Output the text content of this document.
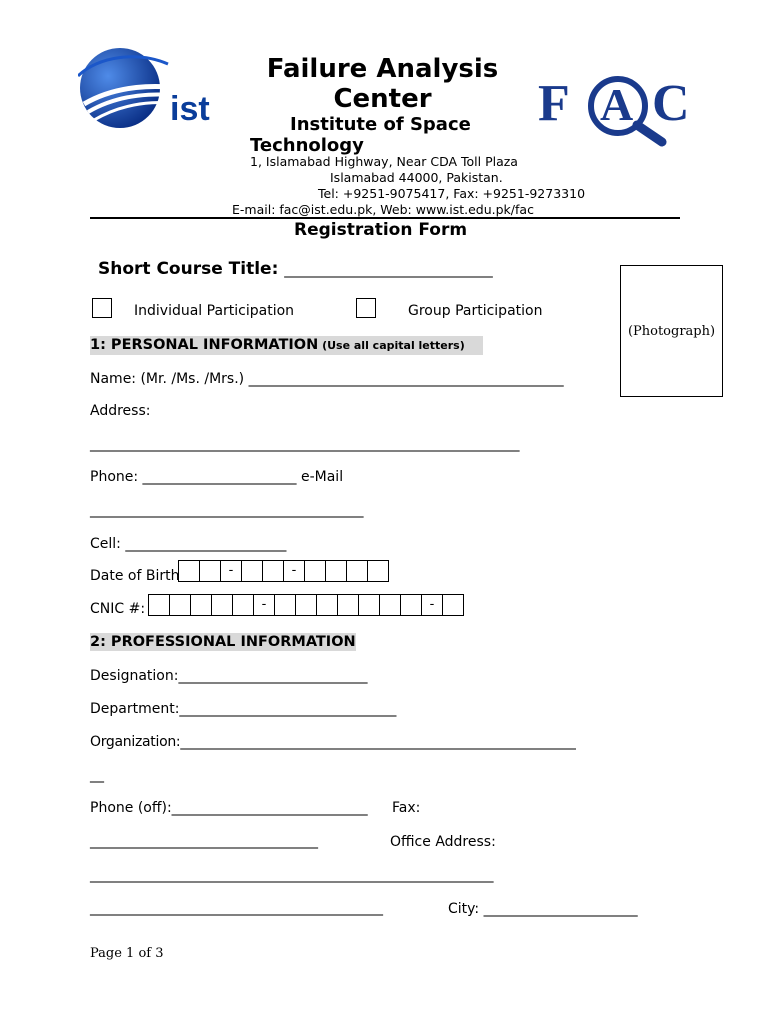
ist
Failure Analysis
Center
Institute of Space
Technology
F A C
1, Islamabad Highway, Near CDA Toll Plaza
Islamabad 44000, Pakistan.
Tel: +9251-9075417, Fax: +9251-9273310
E-mail: fac@ist.edu.pk, Web: www.ist.edu.pk/fac
Registration Form
Short Course Title: ________________________________
(Photograph)
Individual Participation	Group Participation
1: PERSONAL INFORMATION (Use all capital letters)
Name: (Mr. /Ms. /Mrs.) _____________________________________________
Address:
__________________________________________________________________
Phone: ______________________ e-Mail
__________________________________________
Cell: _______________________
Date of Birth	-	-
CNIC #:	-	-
2: PROFESSIONAL INFORMATION
Designation:___________________________
Department:_______________________________
Organization:___________________________________________________________
__
Phone (off):____________________________ Fax:
___________________________________	Office Address:
______________________________________________________________
_____________________________________________	City: ______________________
Page 1 of 3
